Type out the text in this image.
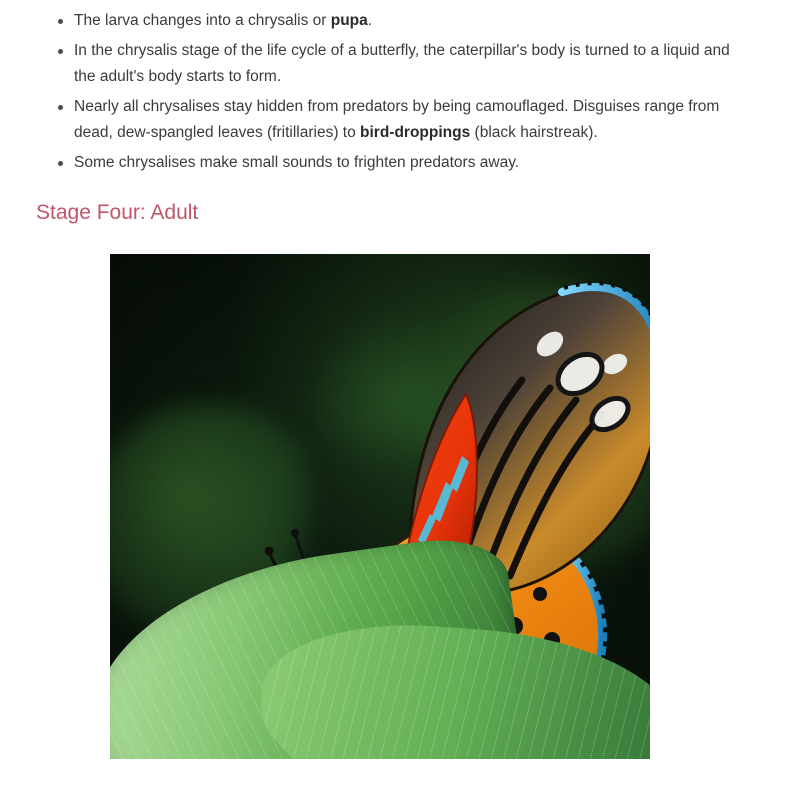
The larva changes into a chrysalis or pupa.
In the chrysalis stage of the life cycle of a butterfly, the caterpillar's body is turned to a liquid and the adult's body starts to form.
Nearly all chrysalises stay hidden from predators by being camouflaged. Disguises range from dead, dew-spangled leaves (fritillaries) to bird-droppings (black hairstreak).
Some chrysalises make small sounds to frighten predators away.
Stage Four: Adult
